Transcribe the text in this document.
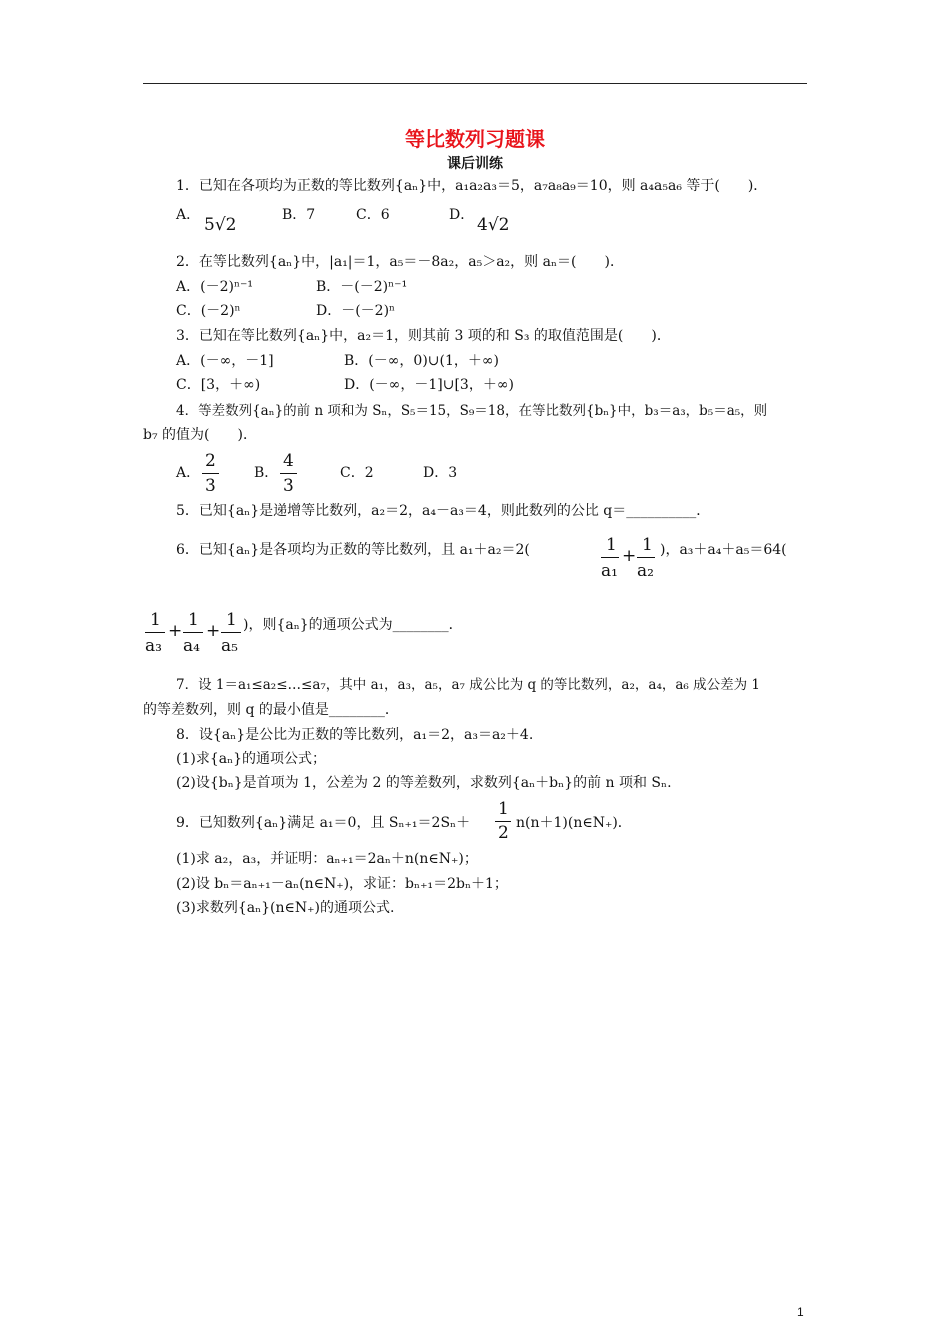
等比数列习题课
课后训练
1．已知在各项均为正数的等比数列{aₙ}中，a₁a₂a₃＝5，a₇a₈a₉＝10，则 a₄a₅a₆ 等于(　　)．
A． 5√2	B．7	C．6	D． 4√2
2．在等比数列{aₙ}中，|a₁|＝1，a₅＝－8a₂，a₅＞a₂，则 aₙ＝(　　)．
A．(－2)ⁿ⁻¹	B．－(－2)ⁿ⁻¹
C．(－2)ⁿ	D．－(－2)ⁿ
3．已知在等比数列{aₙ}中，a₂＝1，则其前 3 项的和 S₃ 的取值范围是(　　)．
A．(－∞，－1]	B．(－∞，0)∪(1，＋∞)
C．[3，＋∞)	D．(－∞，－1]∪[3，＋∞)
4．等差数列{aₙ}的前 n 项和为 Sₙ，S₅＝15，S₉＝18，在等比数列{bₙ}中，b₃＝a₃，b₅＝a₅，则
b₇ 的值为(　　)．
A．
2
3
B．
4
3
C．2	D．3
5．已知{aₙ}是递增等比数列，a₂＝2，a₄－a₃＝4，则此数列的公比 q＝__________．
6．已知{aₙ}是各项均为正数的等比数列，且 a₁＋a₂＝2(	1
a₁
+
1
a₂
)，a₃＋a₄＋a₅＝64(
1
a₃
+
1
a₄
+
1
a₅
)，则{aₙ}的通项公式为________．
7．设 1＝a₁≤a₂≤…≤a₇，其中 a₁，a₃，a₅，a₇ 成公比为 q 的等比数列，a₂，a₄，a₆ 成公差为 1
的等差数列，则 q 的最小值是________．
8．设{aₙ}是公比为正数的等比数列，a₁＝2，a₃＝a₂＋4.
(1)求{aₙ}的通项公式；
(2)设{bₙ}是首项为 1，公差为 2 的等差数列，求数列{aₙ＋bₙ}的前 n 项和 Sₙ.
9．已知数列{aₙ}满足 a₁＝0，且 Sₙ₊₁＝2Sₙ＋
1
2 n(n＋1)(n∈N₊)．
(1)求 a₂，a₃，并证明：aₙ₊₁＝2aₙ＋n(n∈N₊)；
(2)设 bₙ＝aₙ₊₁－aₙ(n∈N₊)，求证：bₙ₊₁＝2bₙ＋1；
(3)求数列{aₙ}(n∈N₊)的通项公式.
1
